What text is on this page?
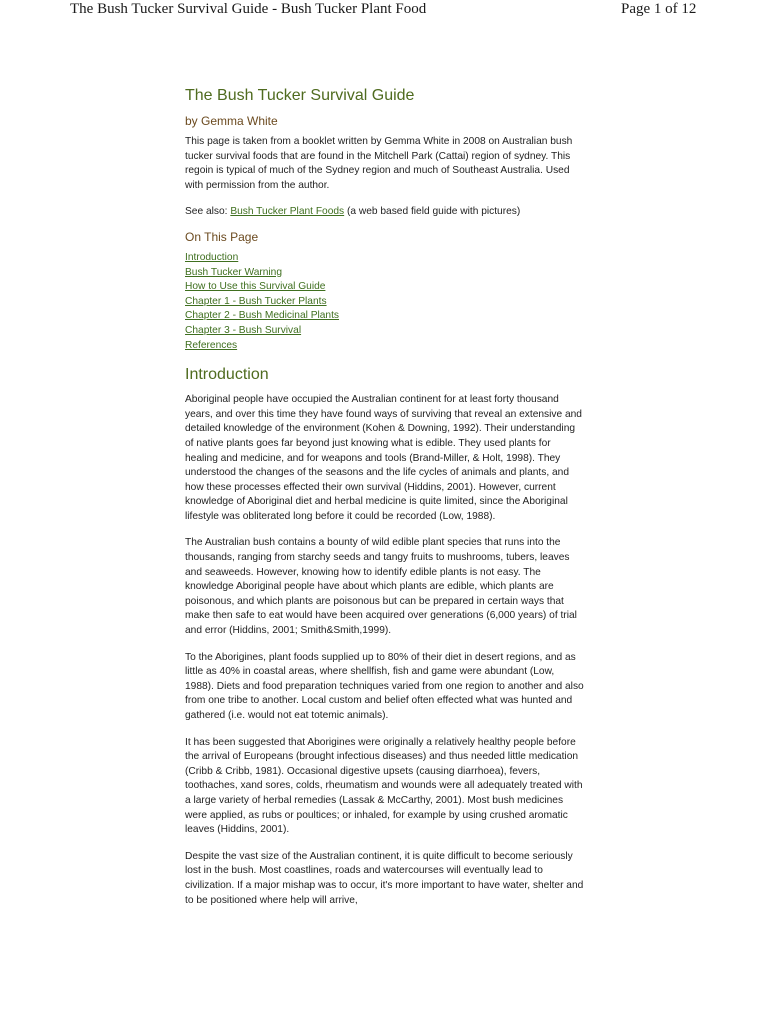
The Bush Tucker Survival Guide - Bush Tucker Plant Food	Page 1 of 12
The Bush Tucker Survival Guide
by Gemma White

This page is taken from a booklet written by Gemma White in 2008 on Australian bush tucker survival foods that are found in the Mitchell Park (Cattai) region of sydney. This regoin is typical of much of the Sydney region and much of Southeast Australia. Used with permission from the author.

See also: Bush Tucker Plant Foods (a web based field guide with pictures)

On This Page
Introduction
Bush Tucker Warning
How to Use this Survival Guide
Chapter 1 - Bush Tucker Plants
Chapter 2 - Bush Medicinal Plants
Chapter 3 - Bush Survival
References
Introduction

Aboriginal people have occupied the Australian continent for at least forty thousand years, and over this time they have found ways of surviving that reveal an extensive and detailed knowledge of the environment (Kohen & Downing, 1992). Their understanding of native plants goes far beyond just knowing what is edible. They used plants for healing and medicine, and for weapons and tools (Brand-Miller, & Holt, 1998). They understood the changes of the seasons and the life cycles of animals and plants, and how these processes effected their own survival (Hiddins, 2001). However, current knowledge of Aboriginal diet and herbal medicine is quite limited, since the Aboriginal lifestyle was obliterated long before it could be recorded (Low, 1988).

The Australian bush contains a bounty of wild edible plant species that runs into the thousands, ranging from starchy seeds and tangy fruits to mushrooms, tubers, leaves and seaweeds. However, knowing how to identify edible plants is not easy. The knowledge Aboriginal people have about which plants are edible, which plants are poisonous, and which plants are poisonous but can be prepared in certain ways that make then safe to eat would have been acquired over generations (6,000 years) of trial and error (Hiddins, 2001; Smith&Smith,1999).

To the Aborigines, plant foods supplied up to 80% of their diet in desert regions, and as little as 40% in coastal areas, where shellfish, fish and game were abundant (Low, 1988). Diets and food preparation techniques varied from one region to another and also from one tribe to another. Local custom and belief often effected what was hunted and gathered (i.e. would not eat totemic animals).

It has been suggested that Aborigines were originally a relatively healthy people before the arrival of Europeans (brought infectious diseases) and thus needed little medication (Cribb & Cribb, 1981). Occasional digestive upsets (causing diarrhoea), fevers, toothaches, xand sores, colds, rheumatism and wounds were all adequately treated with a large variety of herbal remedies (Lassak & McCarthy, 2001). Most bush medicines were applied, as rubs or poultices; or inhaled, for example by using crushed aromatic leaves (Hiddins, 2001).

Despite the vast size of the Australian continent, it is quite difficult to become seriously lost in the bush. Most coastlines, roads and watercourses will eventually lead to civilization. If a major mishap was to occur, it's more important to have water, shelter and to be positioned where help will arrive,
